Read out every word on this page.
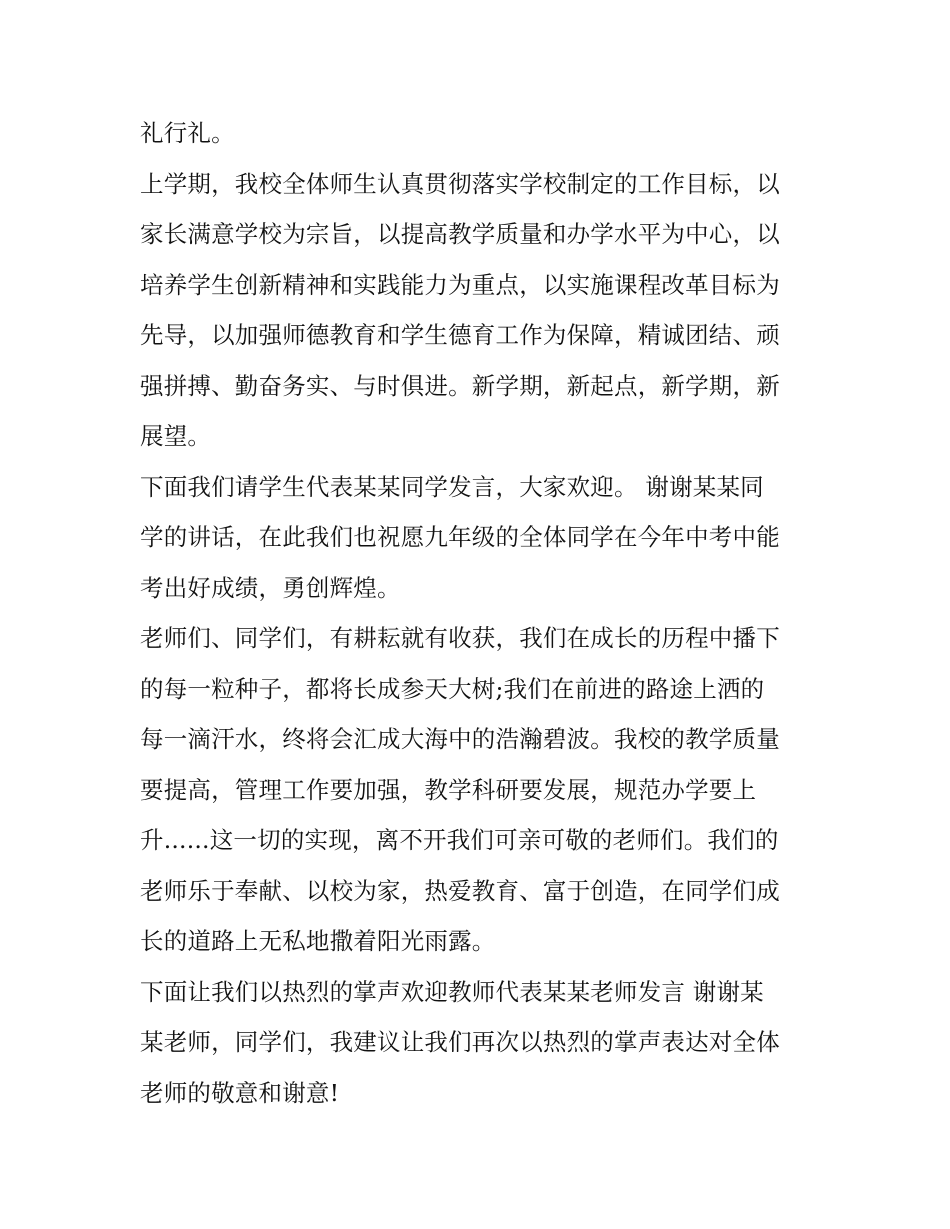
礼行礼。
上学期，我校全体师生认真贯彻落实学校制定的工作目标，以
家长满意学校为宗旨，以提高教学质量和办学水平为中心，以
培养学生创新精神和实践能力为重点，以实施课程改革目标为
先导，以加强师德教育和学生德育工作为保障，精诚团结、顽
强拼搏、勤奋务实、与时俱进。新学期，新起点，新学期，新
展望。
下面我们请学生代表某某同学发言，大家欢迎。 谢谢某某同
学的讲话，在此我们也祝愿九年级的全体同学在今年中考中能
考出好成绩，勇创辉煌。
老师们、同学们，有耕耘就有收获，我们在成长的历程中播下
的每一粒种子，都将长成参天大树;我们在前进的路途上洒的
每一滴汗水，终将会汇成大海中的浩瀚碧波。我校的教学质量
要提高，管理工作要加强，教学科研要发展，规范办学要上
升......这一切的实现，离不开我们可亲可敬的老师们。我们的
老师乐于奉献、以校为家，热爱教育、富于创造，在同学们成
长的道路上无私地撒着阳光雨露。
下面让我们以热烈的掌声欢迎教师代表某某老师发言 谢谢某
某老师，同学们，我建议让我们再次以热烈的掌声表达对全体
老师的敬意和谢意!
